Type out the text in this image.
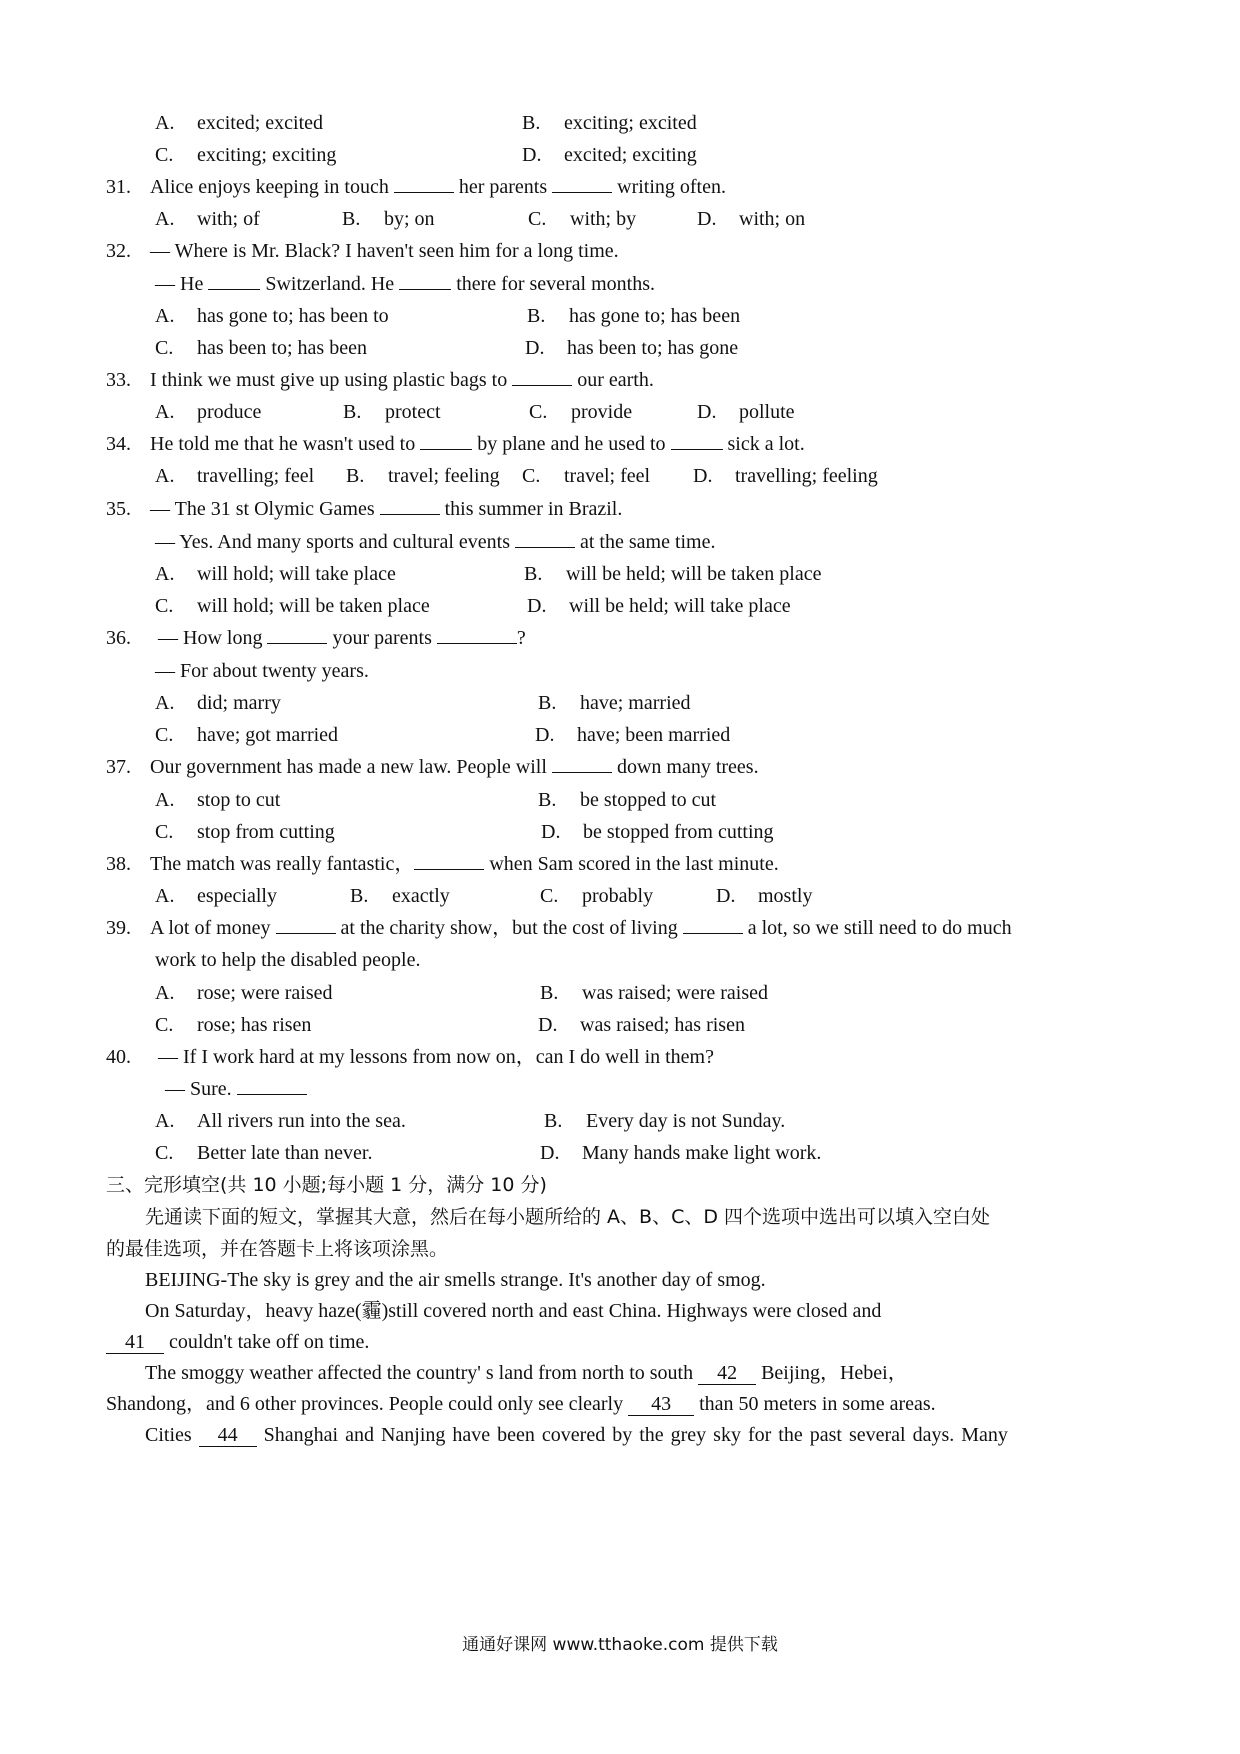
A. excited; excited	B. exciting; excited
C. exciting; exciting	D. excited; exciting
31. Alice enjoys keeping in touch	her parents	writing often.
A. with; of	B. by; on	C. with; by	D. with; on
32. — Where is Mr. Black? I haven't seen him for a long time.
— He	Switzerland. He	there for several months.
A. has gone to; has been to	B. has gone to; has been
C. has been to; has been	D. has been to; has gone
33. I think we must give up using plastic bags to	our earth.
A. produce	B. protect	C. provide	D. pollute
34. He told me that he wasn't used to	by plane and he used to	sick a lot.
A. travelling; feel B. travel; feeling C. travel; feel D. travelling; feeling
35. — The 31 st Olymic Games	this summer in Brazil.
— Yes. And many sports and cultural events	at the same time.
A. will hold; will take place	B. will be held; will be taken place
C. will hold; will be taken place	D. will be held; will take place
36. — How long	your parents	?
— For about twenty years.
A. did; marry	B. have; married
C. have; got married	D. have; been married
37. Our government has made a new law. People will	down many trees.
A. stop to cut	B. be stopped to cut
C. stop from cutting	D. be stopped from cutting
38. The match was really fantastic，	when Sam scored in the last minute.
A. especially	B. exactly	C. probably	D. mostly
39. A lot of money	at the charity show，but the cost of living	a lot, so we still need to do much
work to help the disabled people.
A. rose; were raised	B. was raised; were raised
C. rose; has risen	D. was raised; has risen
40. — If I work hard at my lessons from now on，can I do well in them?
— Sure.
A. All rivers run into the sea.	B. Every day is not Sunday.
C. Better late than never.	D. Many hands make light work.
三、完形填空(共 10 小题;每小题 1 分，满分 10 分)
先通读下面的短文，掌握其大意，然后在每小题所给的 A、B、C、D 四个选项中选出可以填入空白处
的最佳选项，并在答题卡上将该项涂黑。
BEIJING-The sky is grey and the air smells strange. It's another day of smog.
On Saturday，heavy haze(霾)still covered north and east China. Highways were closed and
41 couldn't take off on time.
The smoggy weather affected the country' s land from north to south 42 Beijing，Hebei，
Shandong，and 6 other provinces. People could only see clearly 43 than 50 meters in some areas.
Cities 44 Shanghai and Nanjing have been covered by the grey sky for the past several days. Many
通通好课网 www.tthaoke.com 提供下载
